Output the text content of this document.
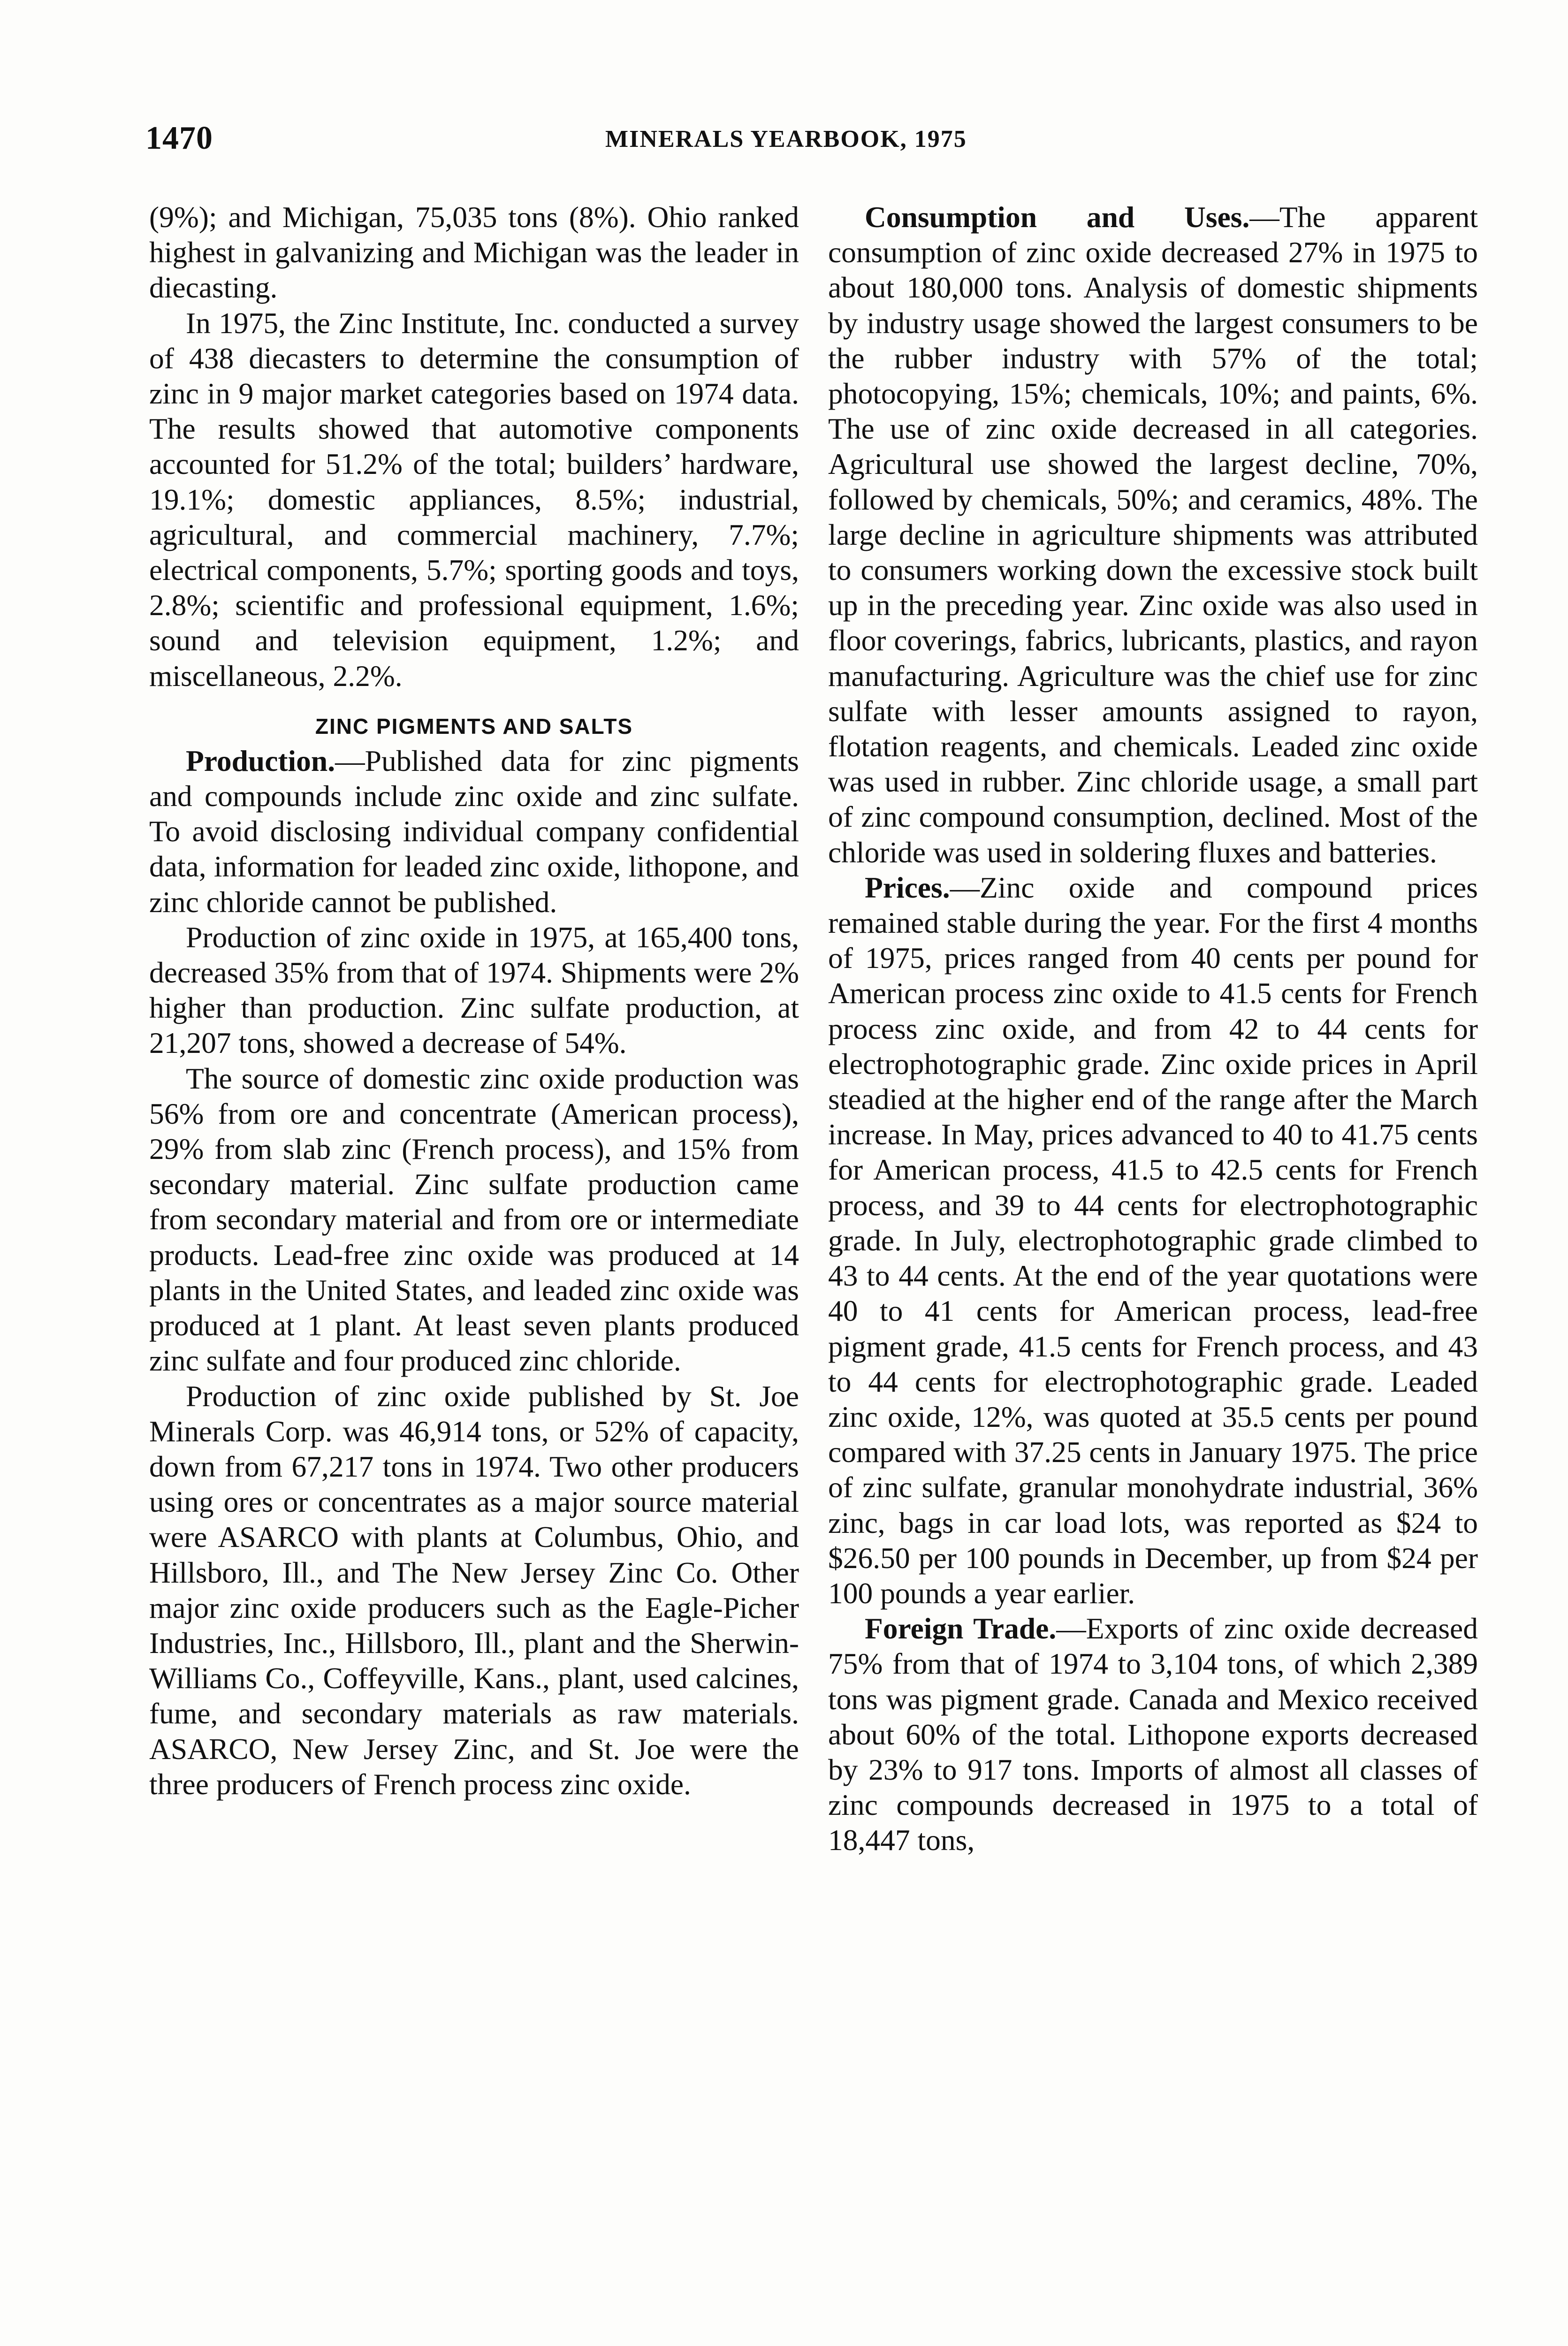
1470	MINERALS YEARBOOK, 1975

(9%); and Michigan, 75,035 tons (8%). Ohio ranked highest in galvanizing and Michigan was the leader in diecasting.

In 1975, the Zinc Institute, Inc. conducted a survey of 438 diecasters to determine the consumption of zinc in 9 major market categories based on 1974 data. The results showed that automotive components accounted for 51.2% of the total; builders’ hardware, 19.1%; domestic appliances, 8.5%; industrial, agricultural, and commercial machinery, 7.7%; electrical components, 5.7%; sporting goods and toys, 2.8%; scientific and professional equipment, 1.6%; sound and television equipment, 1.2%; and miscellaneous, 2.2%.

ZINC PIGMENTS AND SALTS

Production.—Published data for zinc pigments and compounds include zinc oxide and zinc sulfate. To avoid disclosing individual company confidential data, information for leaded zinc oxide, lithopone, and zinc chloride cannot be published.

Production of zinc oxide in 1975, at 165,400 tons, decreased 35% from that of 1974. Shipments were 2% higher than production. Zinc sulfate production, at 21,207 tons, showed a decrease of 54%.

The source of domestic zinc oxide production was 56% from ore and concentrate (American process), 29% from slab zinc (French process), and 15% from secondary material. Zinc sulfate production came from secondary material and from ore or intermediate products. Lead-free zinc oxide was produced at 14 plants in the United States, and leaded zinc oxide was produced at 1 plant. At least seven plants produced zinc sulfate and four produced zinc chloride.

Production of zinc oxide published by St. Joe Minerals Corp. was 46,914 tons, or 52% of capacity, down from 67,217 tons in 1974. Two other producers using ores or concentrates as a major source material were ASARCO with plants at Columbus, Ohio, and Hillsboro, Ill., and The New Jersey Zinc Co. Other major zinc oxide producers such as the Eagle-Picher Industries, Inc., Hillsboro, Ill., plant and the Sherwin-Williams Co., Coffeyville, Kans., plant, used calcines, fume, and secondary materials as raw materials. ASARCO, New Jersey Zinc, and St. Joe were the three producers of French process zinc oxide.

Consumption and Uses.—The apparent consumption of zinc oxide decreased 27% in 1975 to about 180,000 tons. Analysis of domestic shipments by industry usage showed the largest consumers to be the rubber industry with 57% of the total; photocopying, 15%; chemicals, 10%; and paints, 6%. The use of zinc oxide decreased in all categories. Agricultural use showed the largest decline, 70%, followed by chemicals, 50%; and ceramics, 48%. The large decline in agriculture shipments was attributed to consumers working down the excessive stock built up in the preceding year. Zinc oxide was also used in floor coverings, fabrics, lubricants, plastics, and rayon manufacturing. Agriculture was the chief use for zinc sulfate with lesser amounts assigned to rayon, flotation reagents, and chemicals. Leaded zinc oxide was used in rubber. Zinc chloride usage, a small part of zinc compound consumption, declined. Most of the chloride was used in soldering fluxes and batteries.

Prices.—Zinc oxide and compound prices remained stable during the year. For the first 4 months of 1975, prices ranged from 40 cents per pound for American process zinc oxide to 41.5 cents for French process zinc oxide, and from 42 to 44 cents for electrophotographic grade. Zinc oxide prices in April steadied at the higher end of the range after the March increase. In May, prices advanced to 40 to 41.75 cents for American process, 41.5 to 42.5 cents for French process, and 39 to 44 cents for electrophotographic grade. In July, electrophotographic grade climbed to 43 to 44 cents. At the end of the year quotations were 40 to 41 cents for American process, lead-free pigment grade, 41.5 cents for French process, and 43 to 44 cents for electrophotographic grade. Leaded zinc oxide, 12%, was quoted at 35.5 cents per pound compared with 37.25 cents in January 1975. The price of zinc sulfate, granular monohydrate industrial, 36% zinc, bags in car load lots, was reported as $24 to $26.50 per 100 pounds in December, up from $24 per 100 pounds a year earlier.

Foreign Trade.—Exports of zinc oxide decreased 75% from that of 1974 to 3,104 tons, of which 2,389 tons was pigment grade. Canada and Mexico received about 60% of the total. Lithopone exports decreased by 23% to 917 tons. Imports of almost all classes of zinc compounds decreased in 1975 to a total of 18,447 tons,
